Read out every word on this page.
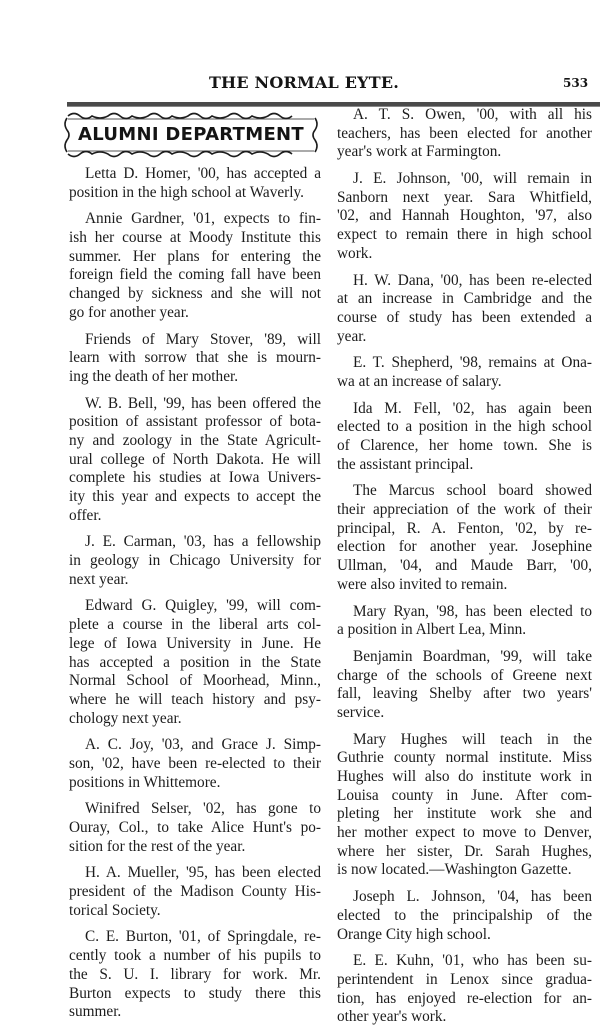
THE NORMAL EYTE.	533
ALUMNI DEPARTMENT
Letta D. Homer, '00, has accepted a
position in the high school at Waverly.
Annie Gardner, '01, expects to fin-
ish her course at Moody Institute this
summer. Her plans for entering the
foreign field the coming fall have been
changed by sickness and she will not
go for another year.
Friends of Mary Stover, '89, will
learn with sorrow that she is mourn-
ing the death of her mother.
W. B. Bell, '99, has been offered the
position of assistant professor of bota-
ny and zoology in the State Agricult-
ural college of North Dakota. He will
complete his studies at Iowa Univers-
ity this year and expects to accept the
offer.
J. E. Carman, '03, has a fellowship
in geology in Chicago University for
next year.
Edward G. Quigley, '99, will com-
plete a course in the liberal arts col-
lege of Iowa University in June. He
has accepted a position in the State
Normal School of Moorhead, Minn.,
where he will teach history and psy-
chology next year.
A. C. Joy, '03, and Grace J. Simp-
son, '02, have been re-elected to their
positions in Whittemore.
Winifred Selser, '02, has gone to
Ouray, Col., to take Alice Hunt's po-
sition for the rest of the year.
H. A. Mueller, '95, has been elected
president of the Madison County His-
torical Society.
C. E. Burton, '01, of Springdale, re-
cently took a number of his pupils to
the S. U. I. library for work. Mr.
Burton expects to study there this
summer.
A. T. S. Owen, '00, with all his
teachers, has been elected for another
year's work at Farmington.
J. E. Johnson, '00, will remain in
Sanborn next year. Sara Whitfield,
'02, and Hannah Houghton, '97, also
expect to remain there in high school
work.
H. W. Dana, '00, has been re-elected
at an increase in Cambridge and the
course of study has been extended a
year.
E. T. Shepherd, '98, remains at Ona-
wa at an increase of salary.
Ida M. Fell, '02, has again been
elected to a position in the high school
of Clarence, her home town. She is
the assistant principal.
The Marcus school board showed
their appreciation of the work of their
principal, R. A. Fenton, '02, by re-
election for another year. Josephine
Ullman, '04, and Maude Barr, '00,
were also invited to remain.
Mary Ryan, '98, has been elected to
a position in Albert Lea, Minn.
Benjamin Boardman, '99, will take
charge of the schools of Greene next
fall, leaving Shelby after two years'
service.
Mary Hughes will teach in the
Guthrie county normal institute. Miss
Hughes will also do institute work in
Louisa county in June. After com-
pleting her institute work she and
her mother expect to move to Denver,
where her sister, Dr. Sarah Hughes,
is now located.—Washington Gazette.
Joseph L. Johnson, '04, has been
elected to the principalship of the
Orange City high school.
E. E. Kuhn, '01, who has been su-
perintendent in Lenox since gradua-
tion, has enjoyed re-election for an-
other year's work.
